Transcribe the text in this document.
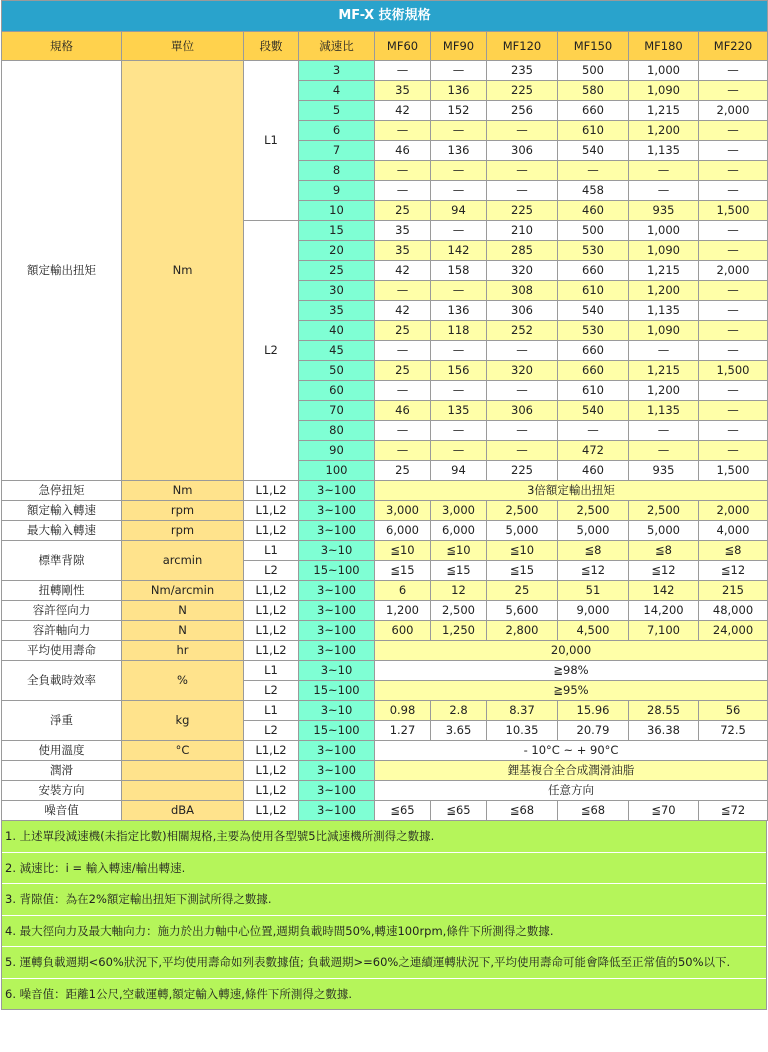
MF-X 技術規格									
規格	單位	段數	減速比	MF60	MF90	MF120	MF150	MF180	MF220
額定輸出扭矩	Nm	L1	3	—	—	235	500	1,000	—
			4	35	136	225	580	1,090	—
			5	42	152	256	660	1,215	2,000
			6	—	—	—	610	1,200	—
			7	46	136	306	540	1,135	—
			8	—	—	—	—	—	—
			9	—	—	—	458	—	—
			10	25	94	225	460	935	1,500
		L2	15	35	—	210	500	1,000	—
			20	35	142	285	530	1,090	—
			25	42	158	320	660	1,215	2,000
			30	—	—	308	610	1,200	—
			35	42	136	306	540	1,135	—
			40	25	118	252	530	1,090	—
			45	—	—	—	660	—	—
			50	25	156	320	660	1,215	1,500
			60	—	—	—	610	1,200	—
			70	46	135	306	540	1,135	—
			80	—	—	—	—	—	—
			90	—	—	—	472	—	—
			100	25	94	225	460	935	1,500
急停扭矩	Nm	L1,L2	3~100	3倍額定輸出扭矩					
額定輸入轉速	rpm	L1,L2	3~100	3,000	3,000	2,500	2,500	2,500	2,000
最大輸入轉速	rpm	L1,L2	3~100	6,000	6,000	5,000	5,000	5,000	4,000
標準背隙	arcmin	L1	3~10	≦10	≦10	≦10	≦8	≦8	≦8
		L2	15~100	≦15	≦15	≦15	≦12	≦12	≦12
扭轉剛性	Nm/arcmin	L1,L2	3~100	6	12	25	51	142	215
容許徑向力	N	L1,L2	3~100	1,200	2,500	5,600	9,000	14,200	48,000
容許軸向力	N	L1,L2	3~100	600	1,250	2,800	4,500	7,100	24,000
平均使用壽命	hr	L1,L2	3~100	20,000					
全負載時效率	%	L1	3~10	≧98%					
		L2	15~100	≧95%					
淨重	kg	L1	3~10	0.98	2.8	8.37	15.96	28.55	56
		L2	15~100	1.27	3.65	10.35	20.79	36.38	72.5
使用溫度	°C	L1,L2	3~100	- 10°C ~ + 90°C					
潤滑		L1,L2	3~100	鋰基複合全合成潤滑油脂					
安裝方向		L1,L2	3~100	任意方向					
噪音值	dBA	L1,L2	3~100	≦65	≦65	≦68	≦68	≦70	≦72
1. 上述單段減速機(未指定比數)相關規格,主要為使用各型號5比減速機所測得之數據.
2. 減速比：i = 輸入轉速/輸出轉速.
3. 背隙值：為在2%額定輸出扭矩下測試所得之數據.
4. 最大徑向力及最大軸向力：施力於出力軸中心位置,週期負載時間50%,轉速100rpm,條件下所測得之數據.
5. 運轉負載週期<60%狀況下,平均使用壽命如列表數據值; 負載週期>=60%之連續運轉狀況下,平均使用壽命可能會降低至正常值的50%以下.
6. 噪音值：距離1公尺,空載運轉,額定輸入轉速,條件下所測得之數據.
